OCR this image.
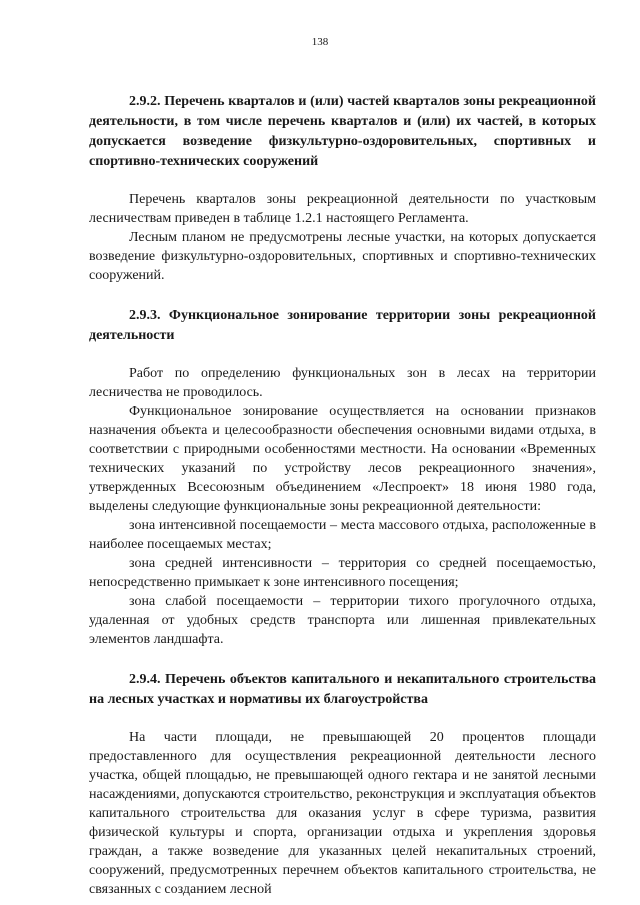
138
2.9.2. Перечень кварталов и (или) частей кварталов зоны рекреационной деятельности, в том числе перечень кварталов и (или) их частей, в которых допускается возведение физкультурно-оздоровительных, спортивных и спортивно-технических сооружений

Перечень кварталов зоны рекреационной деятельности по участковым лесничествам приведен в таблице 1.2.1 настоящего Регламента.

Лесным планом не предусмотрены лесные участки, на которых допускается возведение физкультурно-оздоровительных, спортивных и спортивно-технических сооружений.

2.9.3. Функциональное зонирование территории зоны рекреационной деятельности

Работ по определению функциональных зон в лесах на территории лесничества не проводилось.

Функциональное зонирование осуществляется на основании признаков назначения объекта и целесообразности обеспечения основными видами отдыха, в соответствии с природными особенностями местности. На основании «Временных технических указаний по устройству лесов рекреационного значения», утвержденных Всесоюзным объединением «Леспроект» 18 июня 1980 года, выделены следующие функциональные зоны рекреационной деятельности:

зона интенсивной посещаемости – места массового отдыха, расположенные в наиболее посещаемых местах;

зона средней интенсивности – территория со средней посещаемостью, непосредственно примыкает к зоне интенсивного посещения;

зона слабой посещаемости – территории тихого прогулочного отдыха, удаленная от удобных средств транспорта или лишенная привлекательных элементов ландшафта.

2.9.4. Перечень объектов капитального и некапитального строительства на лесных участках и нормативы их благоустройства

На части площади, не превышающей 20 процентов площади предоставленного для осуществления рекреационной деятельности лесного участка, общей площадью, не превышающей одного гектара и не занятой лесными насаждениями, допускаются строительство, реконструкция и эксплуатация объектов капитального строительства для оказания услуг в сфере туризма, развития физической культуры и спорта, организации отдыха и укрепления здоровья граждан, а также возведение для указанных целей некапитальных строений, сооружений, предусмотренных перечнем объектов капитального строительства, не связанных с созданием лесной
